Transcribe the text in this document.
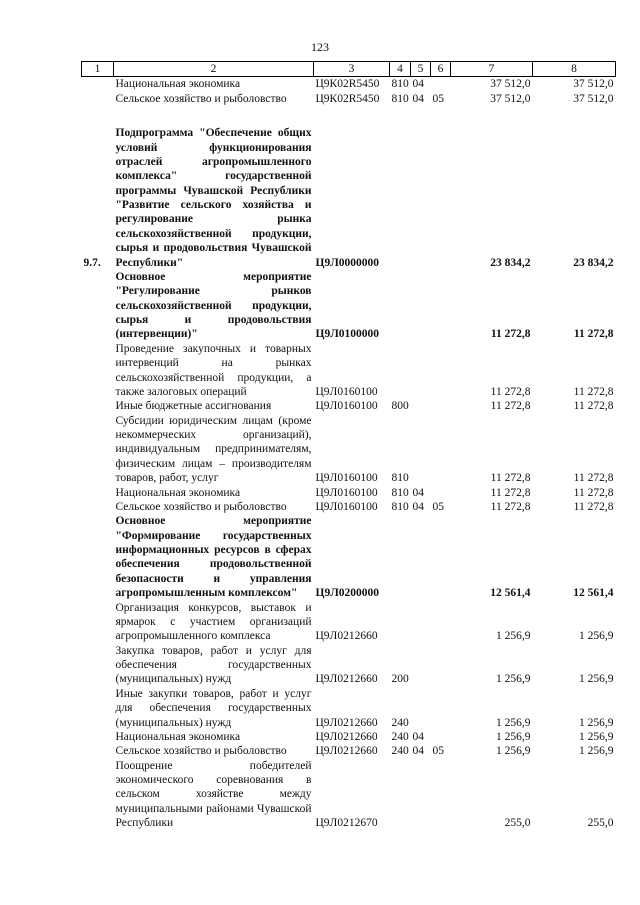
123
1	2	3	4	5	6	7	8
	Национальная экономика	Ц9К02R5450	810	04		37 512,0	37 512,0
	Сельское хозяйство и рыболовство	Ц9К02R5450	810	04	05	37 512,0	37 512,0

9.7.	Подпрограмма "Обеспечение общих условий функционирования отраслей агропромышленного комплекса" государственной программы Чувашской Республики "Развитие сельского хозяйства и регулирование рынка сельскохозяйственной продукции, сырья и продовольствия Чувашской Республики"	Ц9Л0000000				23 834,2	23 834,2
	Основное мероприятие "Регулирование рынков сельскохозяйственной продукции, сырья и продовольствия (интервенции)"	Ц9Л0100000				11 272,8	11 272,8
	Проведение закупочных и товарных интервенций на рынках сельскохозяйственной продукции, а также залоговых операций	Ц9Л0160100				11 272,8	11 272,8
	Иные бюджетные ассигнования	Ц9Л0160100	800			11 272,8	11 272,8
	Субсидии юридическим лицам (кроме некоммерческих организаций), индивидуальным предпринимателям, физическим лицам – производителям товаров, работ, услуг	Ц9Л0160100	810			11 272,8	11 272,8
	Национальная экономика	Ц9Л0160100	810	04		11 272,8	11 272,8
	Сельское хозяйство и рыболовство	Ц9Л0160100	810	04	05	11 272,8	11 272,8
	Основное мероприятие "Формирование государственных информационных ресурсов в сферах обеспечения продовольственной безопасности и управления агропромышленным комплексом"	Ц9Л0200000				12 561,4	12 561,4
	Организация конкурсов, выставок и ярмарок с участием организаций агропромышленного комплекса	Ц9Л0212660				1 256,9	1 256,9
	Закупка товаров, работ и услуг для обеспечения государственных (муниципальных) нужд	Ц9Л0212660	200			1 256,9	1 256,9
	Иные закупки товаров, работ и услуг для обеспечения государственных (муниципальных) нужд	Ц9Л0212660	240			1 256,9	1 256,9
	Национальная экономика	Ц9Л0212660	240	04		1 256,9	1 256,9
	Сельское хозяйство и рыболовство	Ц9Л0212660	240	04	05	1 256,9	1 256,9
	Поощрение победителей экономического соревнования в сельском хозяйстве между муниципальными районами Чувашской Республики	Ц9Л0212670				255,0	255,0
